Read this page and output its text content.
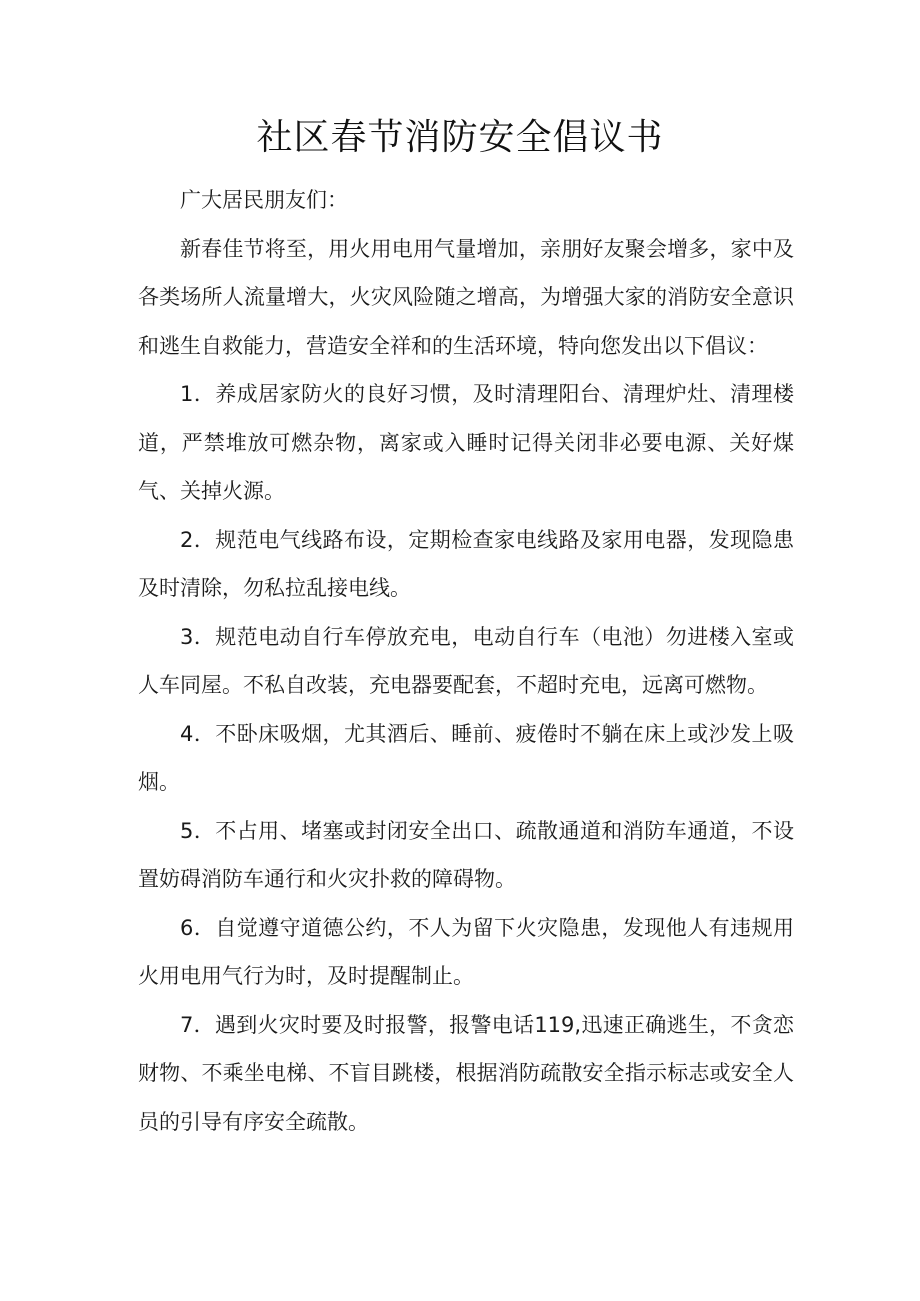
社区春节消防安全倡议书

广大居民朋友们：

新春佳节将至，用火用电用气量增加，亲朋好友聚会增多，家中及各类场所人流量增大，火灾风险随之增高，为增强大家的消防安全意识和逃生自救能力，营造安全祥和的生活环境，特向您发出以下倡议：

1．养成居家防火的良好习惯，及时清理阳台、清理炉灶、清理楼道，严禁堆放可燃杂物，离家或入睡时记得关闭非必要电源、关好煤气、关掉火源。

2．规范电气线路布设，定期检查家电线路及家用电器，发现隐患及时清除，勿私拉乱接电线。

3．规范电动自行车停放充电，电动自行车（电池）勿进楼入室或人车同屋。不私自改装，充电器要配套，不超时充电，远离可燃物。

4．不卧床吸烟，尤其酒后、睡前、疲倦时不躺在床上或沙发上吸烟。

5．不占用、堵塞或封闭安全出口、疏散通道和消防车通道，不设置妨碍消防车通行和火灾扑救的障碍物。

6．自觉遵守道德公约，不人为留下火灾隐患，发现他人有违规用火用电用气行为时，及时提醒制止。

7．遇到火灾时要及时报警，报警电话119,迅速正确逃生，不贪恋财物、不乘坐电梯、不盲目跳楼，根据消防疏散安全指示标志或安全人员的引导有序安全疏散。
